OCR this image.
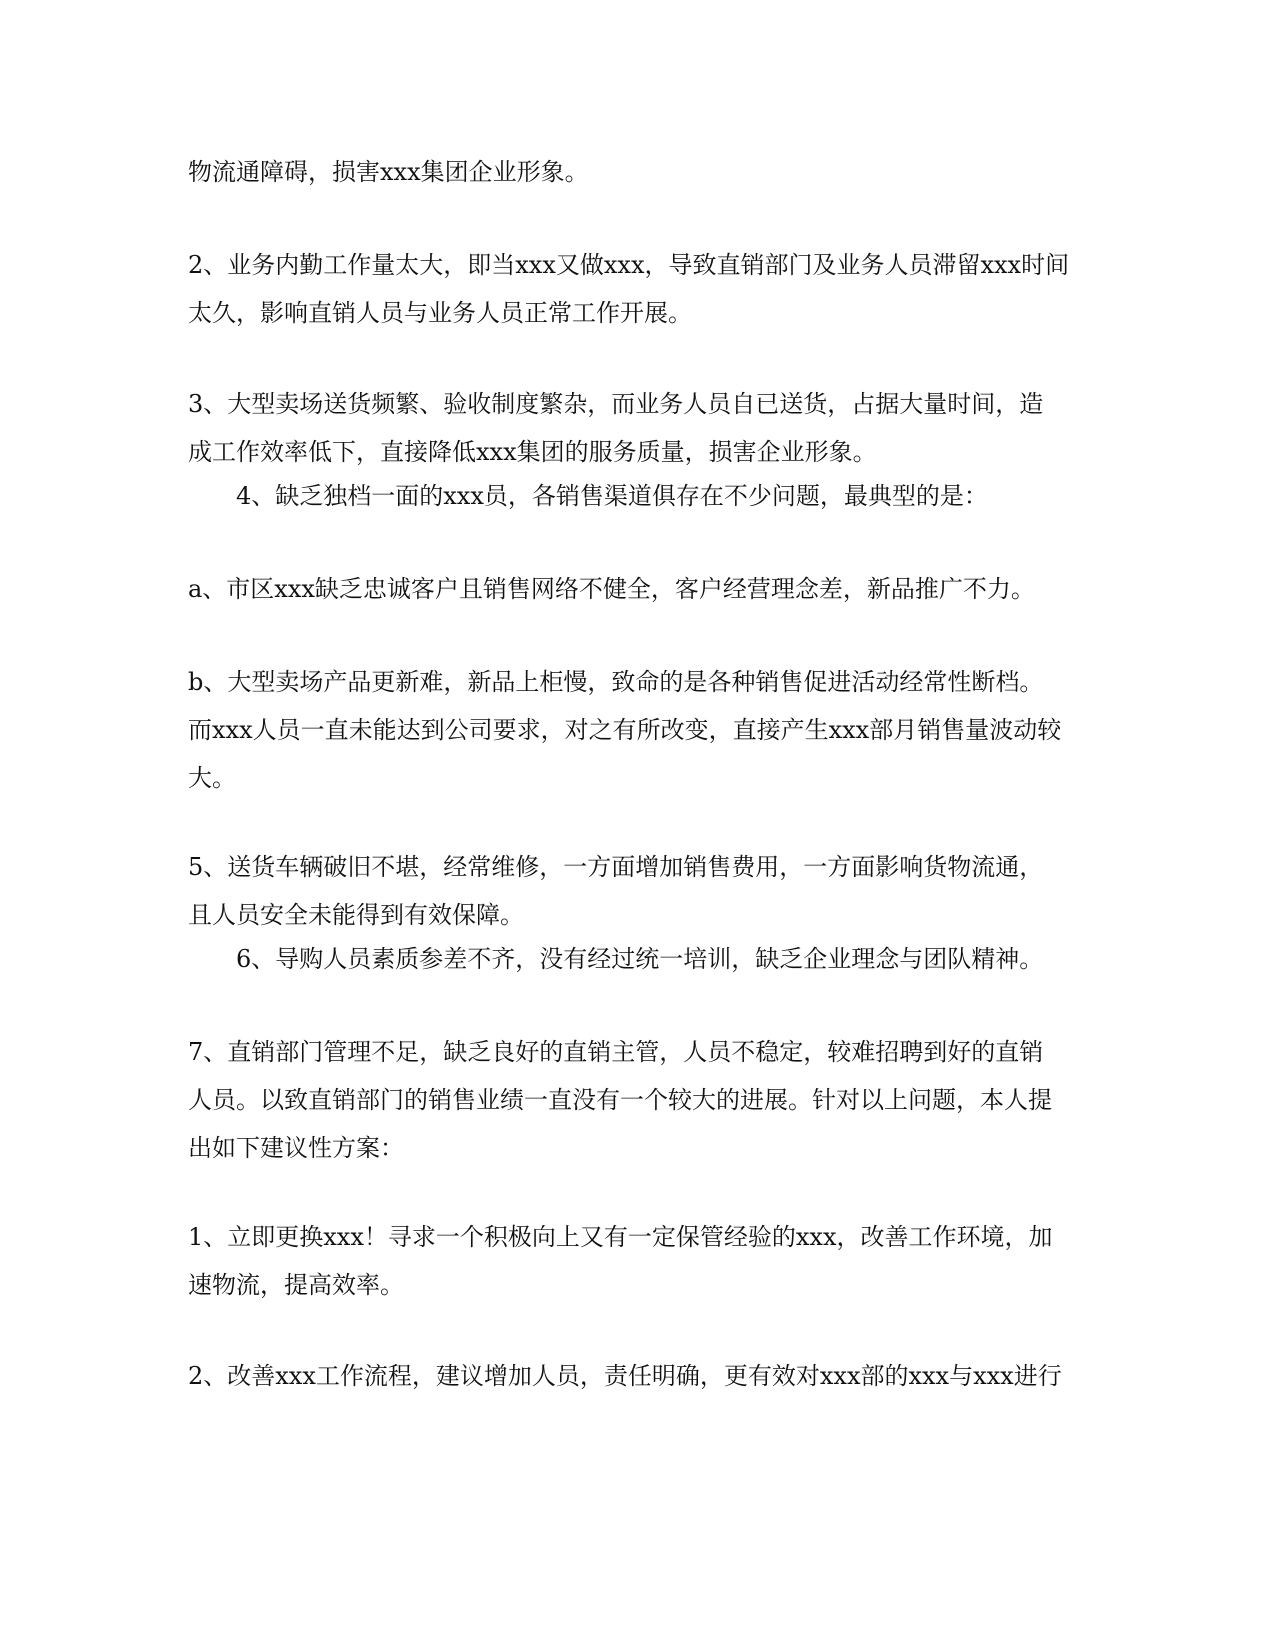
物流通障碍，损害xxx集团企业形象。
2、业务内勤工作量太大，即当xxx又做xxx，导致直销部门及业务人员滞留xxx时间
太久，影响直销人员与业务人员正常工作开展。
3、大型卖场送货频繁、验收制度繁杂，而业务人员自已送货，占据大量时间，造
成工作效率低下，直接降低xxx集团的服务质量，损害企业形象。
4、缺乏独档一面的xxx员，各销售渠道俱存在不少问题，最典型的是：
a、市区xxx缺乏忠诚客户且销售网络不健全，客户经营理念差，新品推广不力。
b、大型卖场产品更新难，新品上柜慢，致命的是各种销售促进活动经常性断档。
而xxx人员一直未能达到公司要求，对之有所改变，直接产生xxx部月销售量波动较
大。
5、送货车辆破旧不堪，经常维修，一方面增加销售费用，一方面影响货物流通，
且人员安全未能得到有效保障。
6、导购人员素质参差不齐，没有经过统一培训，缺乏企业理念与团队精神。
7、直销部门管理不足，缺乏良好的直销主管，人员不稳定，较难招聘到好的直销
人员。以致直销部门的销售业绩一直没有一个较大的进展。针对以上问题，本人提
出如下建议性方案：
1、立即更换xxx！寻求一个积极向上又有一定保管经验的xxx，改善工作环境，加
速物流，提高效率。
2、改善xxx工作流程，建议增加人员，责任明确，更有效对xxx部的xxx与xxx进行
